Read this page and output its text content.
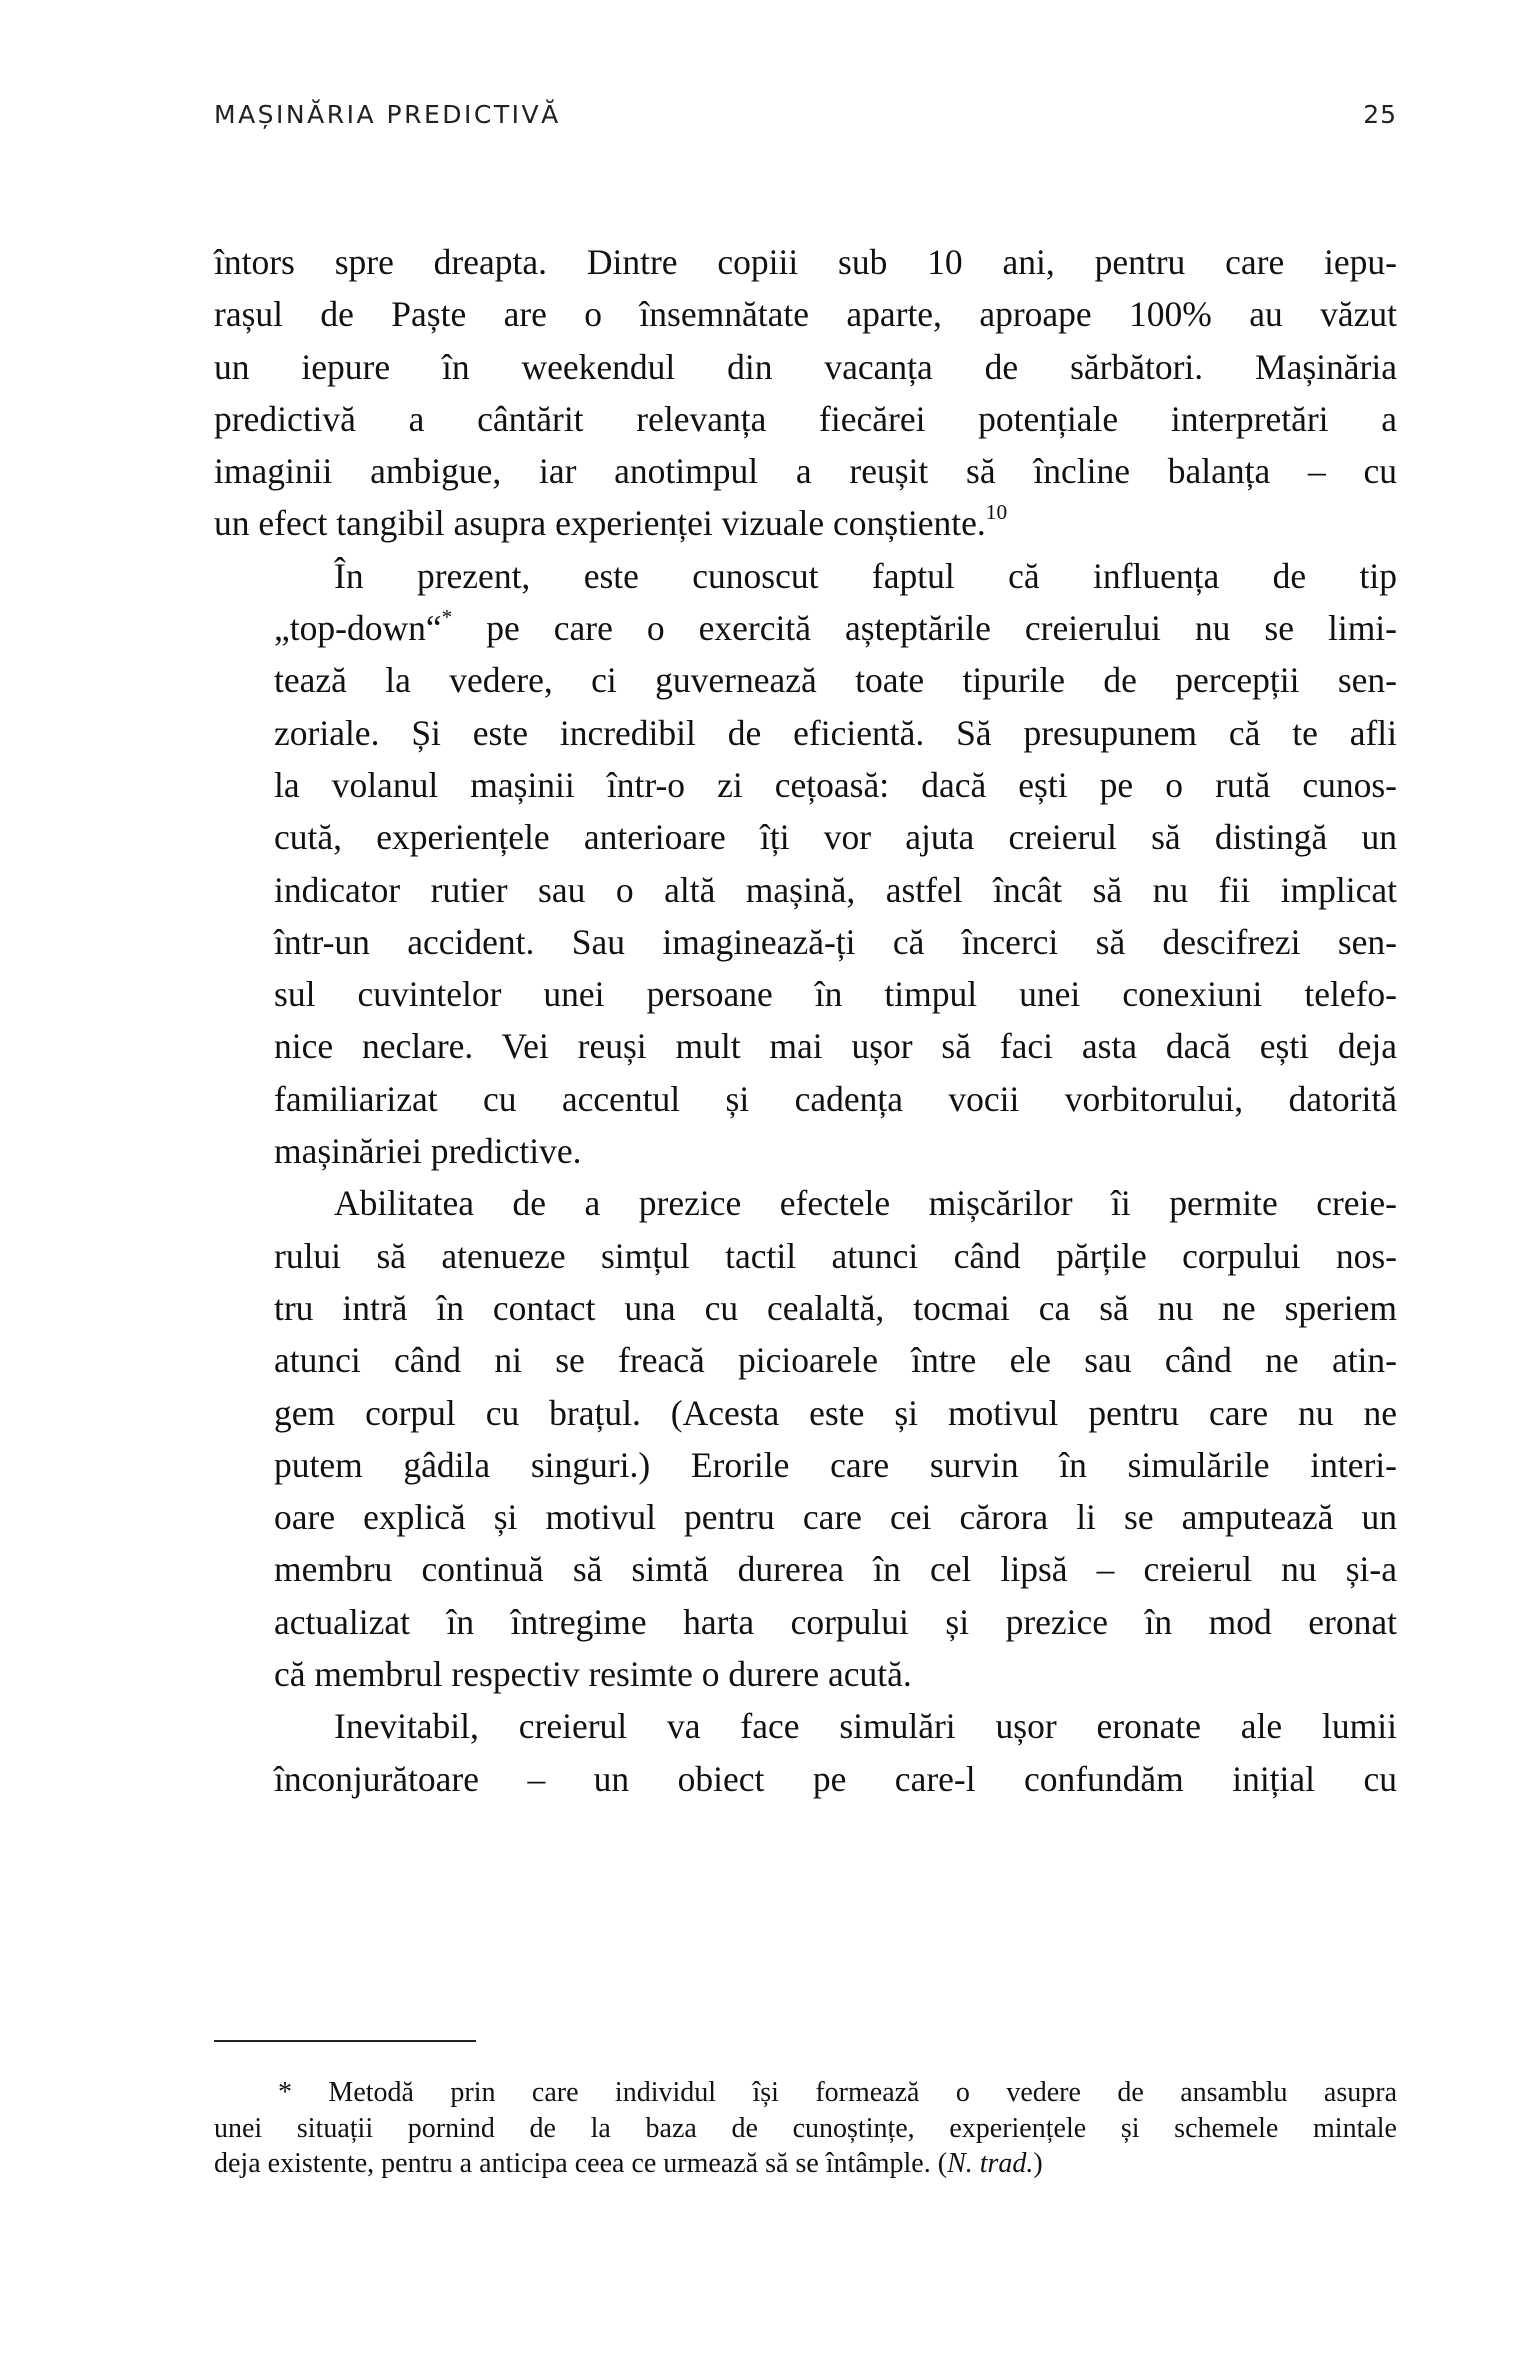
MAȘINĂRIA PREDICTIVĂ	25

întors spre dreapta. Dintre copiii sub 10 ani, pentru care iepu-
rașul de Paște are o însemnătate aparte, aproape 100% au văzut
un iepure în weekendul din vacanța de sărbători. Mașinăria
predictivă a cântărit relevanța fiecărei potențiale interpretări a
imaginii ambigue, iar anotimpul a reușit să încline balanța – cu
un efect tangibil asupra experienței vizuale conștiente.$^{10}$

În prezent, este cunoscut faptul că influența de tip
„top-down“* pe care o exercită așteptările creierului nu se limi-
tează la vedere, ci guvernează toate tipurile de percepții sen-
zoriale. Și este incredibil de eficientă. Să presupunem că te afli
la volanul mașinii într-o zi cețoasă: dacă ești pe o rută cunos-
cută, experiențele anterioare îți vor ajuta creierul să distingă un
indicator rutier sau o altă mașină, astfel încât să nu fii implicat
într-un accident. Sau imaginează-ți că încerci să descifrezi sen-
sul cuvintelor unei persoane în timpul unei conexiuni telefo-
nice neclare. Vei reuși mult mai ușor să faci asta dacă ești deja
familiarizat cu accentul și cadența vocii vorbitorului, datorită
mașinăriei predictive.

Abilitatea de a prezice efectele mișcărilor îi permite creie-
rului să atenueze simțul tactil atunci când părțile corpului nos-
tru intră în contact una cu cealaltă, tocmai ca să nu ne speriem
atunci când ni se freacă picioarele între ele sau când ne atin-
gem corpul cu brațul. (Acesta este și motivul pentru care nu ne
putem gâdila singuri.) Erorile care survin în simulările interi-
oare explică și motivul pentru care cei cărora li se amputează un
membru continuă să simtă durerea în cel lipsă – creierul nu și-a
actualizat în întregime harta corpului și prezice în mod eronat
că membrul respectiv resimte o durere acută.

Inevitabil, creierul va face simulări ușor eronate ale lumii
înconjurătoare – un obiect pe care-l confundăm inițial cu

* Metodă prin care individul își formează o vedere de ansamblu asupra
unei situații pornind de la baza de cunoștințe, experiențele și schemele mintale
deja existente, pentru a anticipa ceea ce urmează să se întâmple. (N. trad.)
